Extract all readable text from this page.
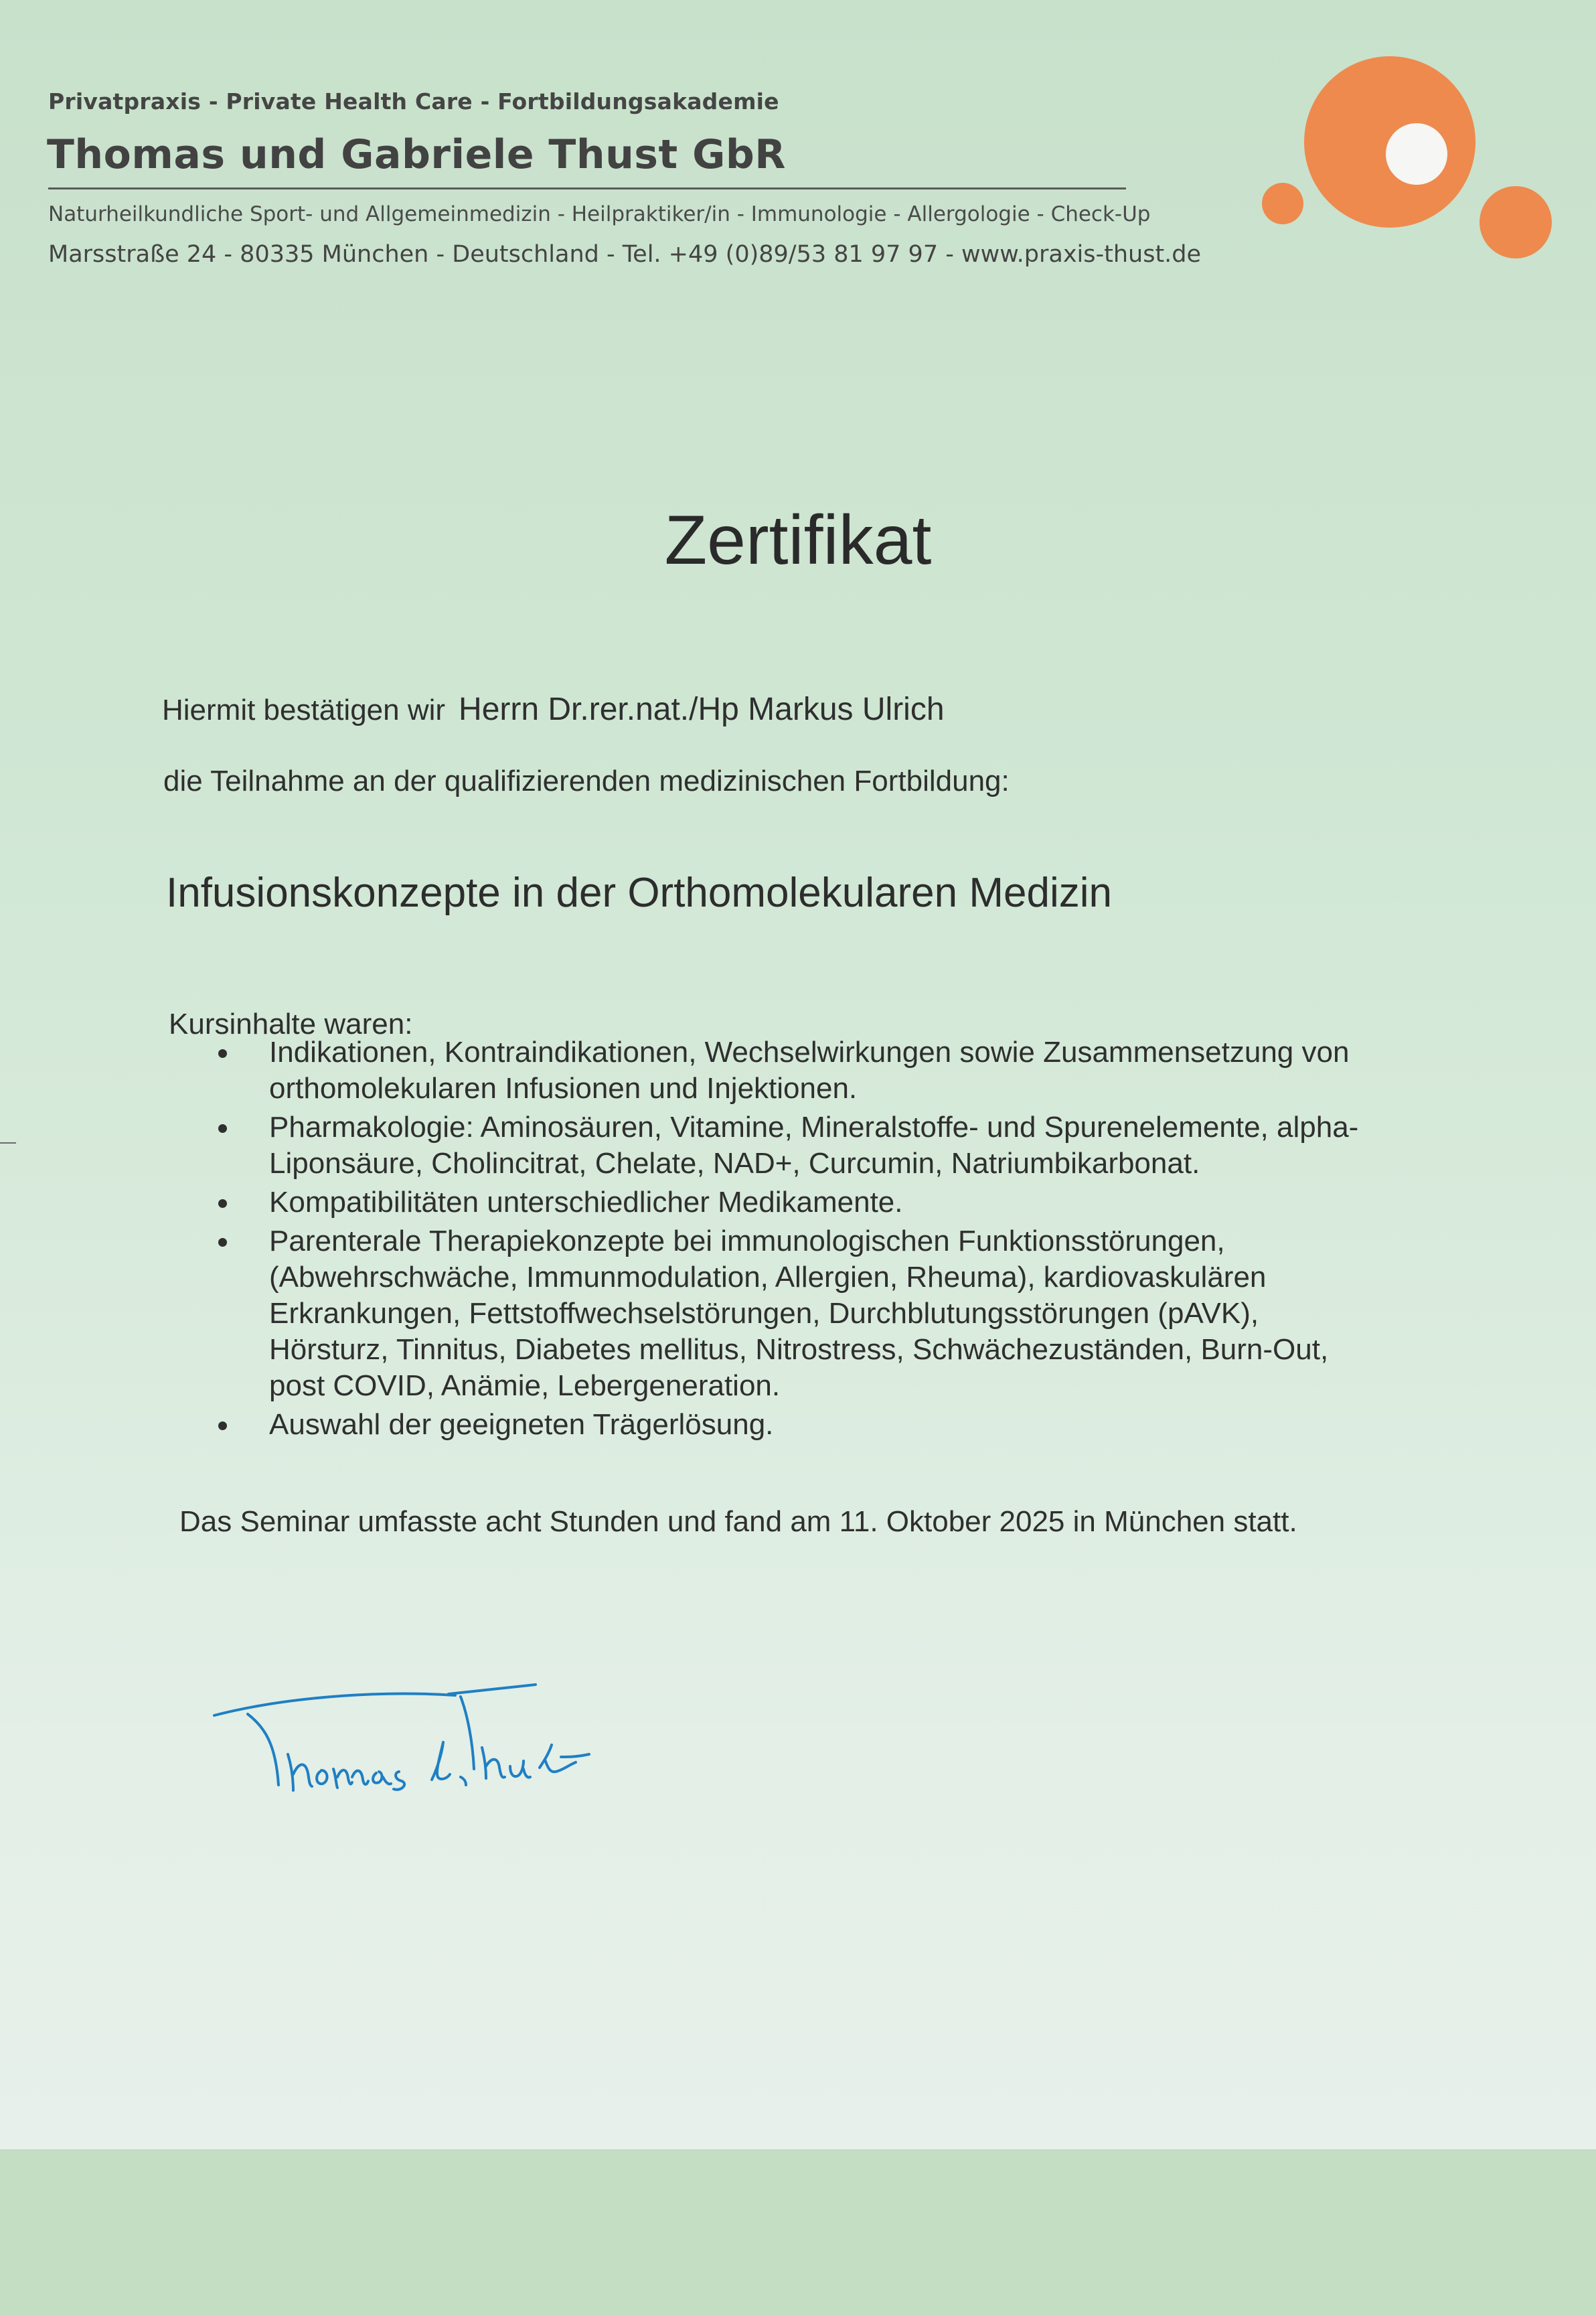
Privatpraxis - Private Health Care - Fortbildungsakademie
Thomas und Gabriele Thust GbR
Naturheilkundliche Sport- und Allgemeinmedizin - Heilpraktiker/in - Immunologie - Allergologie - Check-Up
Marsstraße 24 - 80335 München - Deutschland - Tel. +49 (0)89/53 81 97 97 - www.praxis-thust.de
Zertifikat
Hiermit bestätigen wir Herrn Dr.rer.nat./Hp Markus Ulrich
die Teilnahme an der qualifizierenden medizinischen Fortbildung:
Infusionskonzepte in der Orthomolekularen Medizin
Kursinhalte waren:
Indikationen, Kontraindikationen, Wechselwirkungen sowie Zusammensetzung von
orthomolekularen Infusionen und Injektionen.
Pharmakologie: Aminosäuren, Vitamine, Mineralstoffe- und Spurenelemente, alpha-
Liponsäure, Cholincitrat, Chelate, NAD+, Curcumin, Natriumbikarbonat.
Kompatibilitäten unterschiedlicher Medikamente.
Parenterale Therapiekonzepte bei immunologischen Funktionsstörungen,
(Abwehrschwäche, Immunmodulation, Allergien, Rheuma), kardiovaskulären
Erkrankungen, Fettstoffwechselstörungen, Durchblutungsstörungen (pAVK),
Hörsturz, Tinnitus, Diabetes mellitus, Nitrostress, Schwächezuständen, Burn-Out,
post COVID, Anämie, Lebergeneration.
Auswahl der geeigneten Trägerlösung.
Das Seminar umfasste acht Stunden und fand am 11. Oktober 2025 in München statt.
